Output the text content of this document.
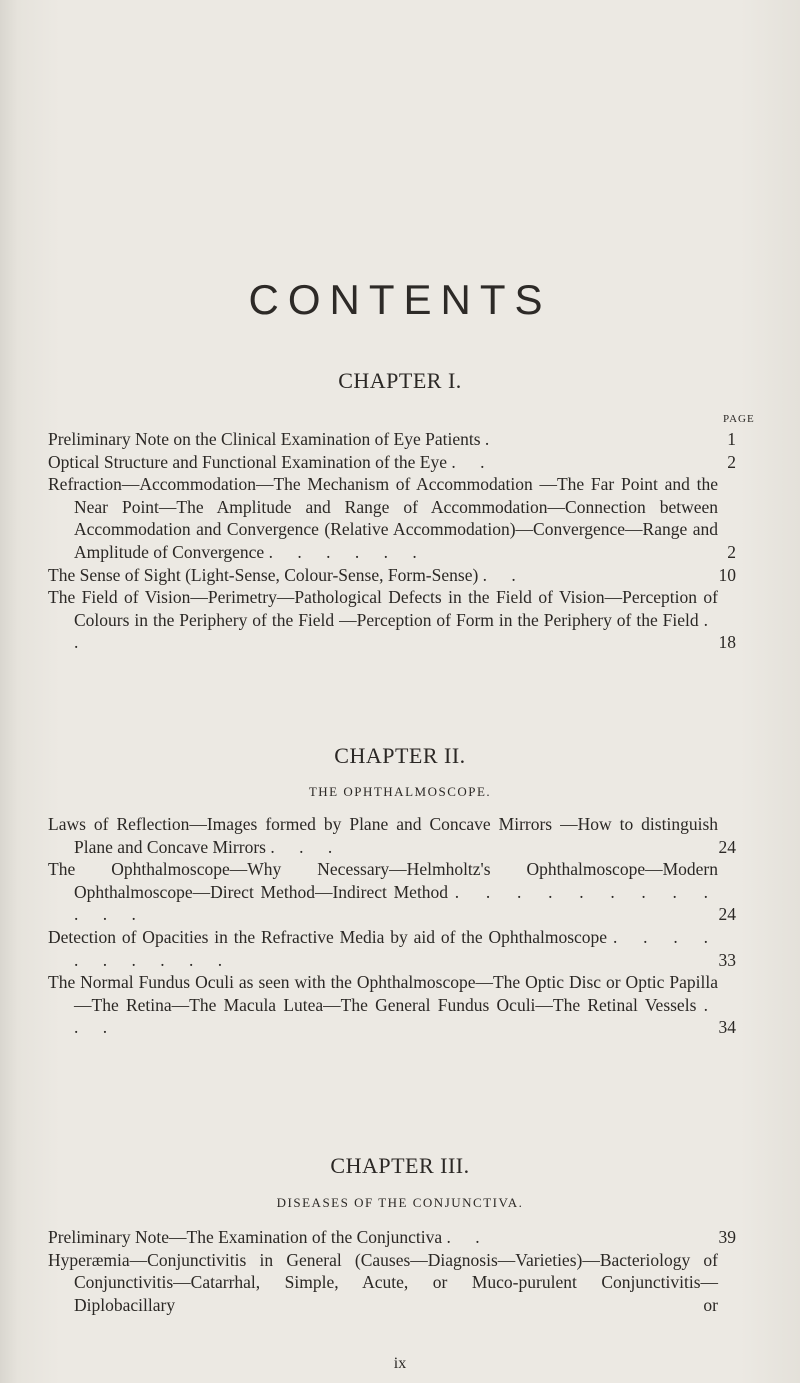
CONTENTS
CHAPTER I.
PAGE
Preliminary Note on the Clinical Examination of Eye Patients .	1
Optical Structure and Functional Examination of the Eye . .	2
Refraction—Accommodation—The Mechanism of Accommodation —The Far Point and the Near Point—The Amplitude and Range of Accommodation—Connection between Accommodation and Convergence (Relative Accommodation)—Convergence—Range and Amplitude of Convergence . . . . . .	2
The Sense of Sight (Light-Sense, Colour-Sense, Form-Sense) . .	10
The Field of Vision—Perimetry—Pathological Defects in the Field of Vision—Perception of Colours in the Periphery of the Field —Perception of Form in the Periphery of the Field . .	18
CHAPTER II.
THE OPHTHALMOSCOPE.
Laws of Reflection—Images formed by Plane and Concave Mirrors —How to distinguish Plane and Concave Mirrors . . .	24
The Ophthalmoscope—Why Necessary—Helmholtz's Ophthalmoscope—Modern Ophthalmoscope—Direct Method—Indirect Method . . . . . . . . . . . .	24
Detection of Opacities in the Refractive Media by aid of the Ophthalmoscope . . . . . . . . . .	33
The Normal Fundus Oculi as seen with the Ophthalmoscope—The Optic Disc or Optic Papilla—The Retina—The Macula Lutea—The General Fundus Oculi—The Retinal Vessels . . .	34
CHAPTER III.
DISEASES OF THE CONJUNCTIVA.
Preliminary Note—The Examination of the Conjunctiva . .	39
Hyperæmia—Conjunctivitis in General (Causes—Diagnosis—Varieties)—Bacteriology of Conjunctivitis—Catarrhal, Simple, Acute, or Muco-purulent Conjunctivitis—Diplobacillary or
ix
